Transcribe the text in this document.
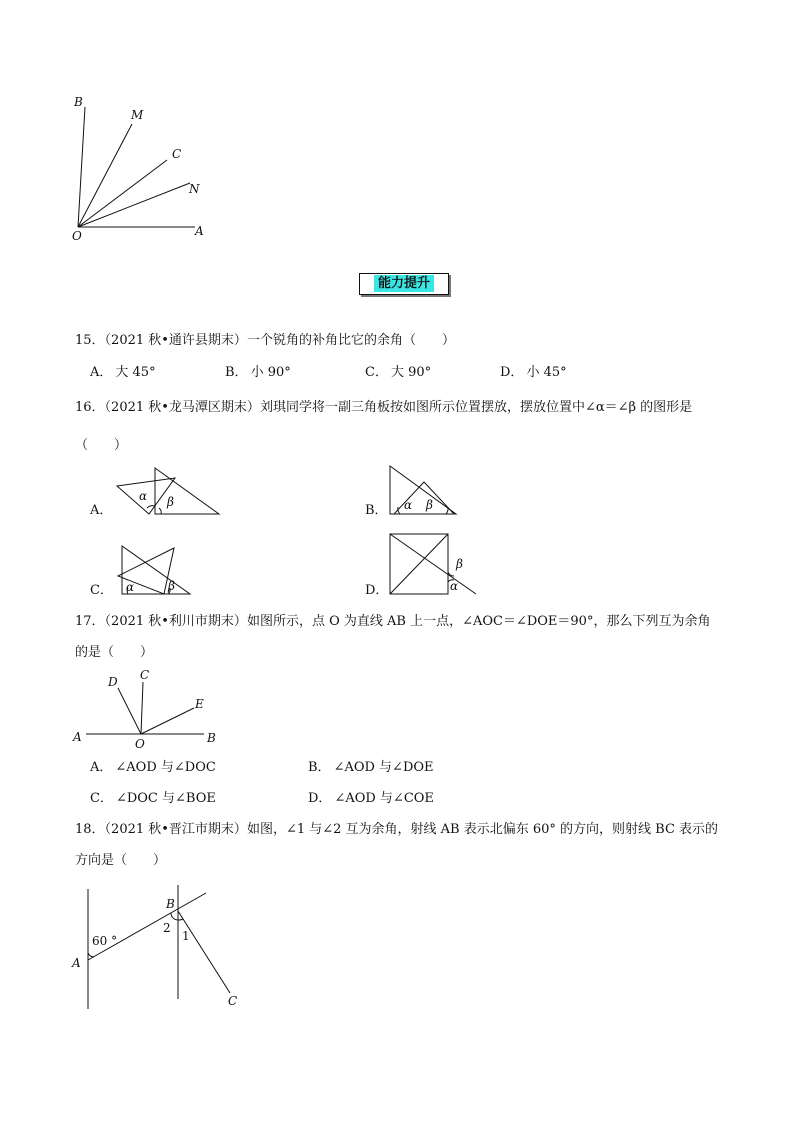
B
M
C
N
O	A
能力提升
15．（2021 秋•通许县期末）一个锐角的补角比它的余角（　　）
A． 大 45°	B． 小 90°	C． 大 90°	D． 小 45°
16．（2021 秋•龙马潭区期末）刘琪同学将一副三角板按如图所示位置摆放，摆放位置中∠α＝∠β 的图形是
（　　）
A．
α β
B． α β
C． α	β	D．
β
α
17．（2021 秋•利川市期末）如图所示，点 O 为直线 AB 上一点，∠AOC＝∠DOE＝90°，那么下列互为余角
的是（　　）
A	B
C
D
E
O
A． ∠AOD 与∠DOC	B． ∠AOD 与∠DOE
C． ∠DOC 与∠BOE	D． ∠AOD 与∠COE
18．（2021 秋•晋江市期末）如图，∠1 与∠2 互为余角，射线 AB 表示北偏东 60° 的方向，则射线 BC 表示的
方向是（　　）
60 °
A
B
C
2
1
